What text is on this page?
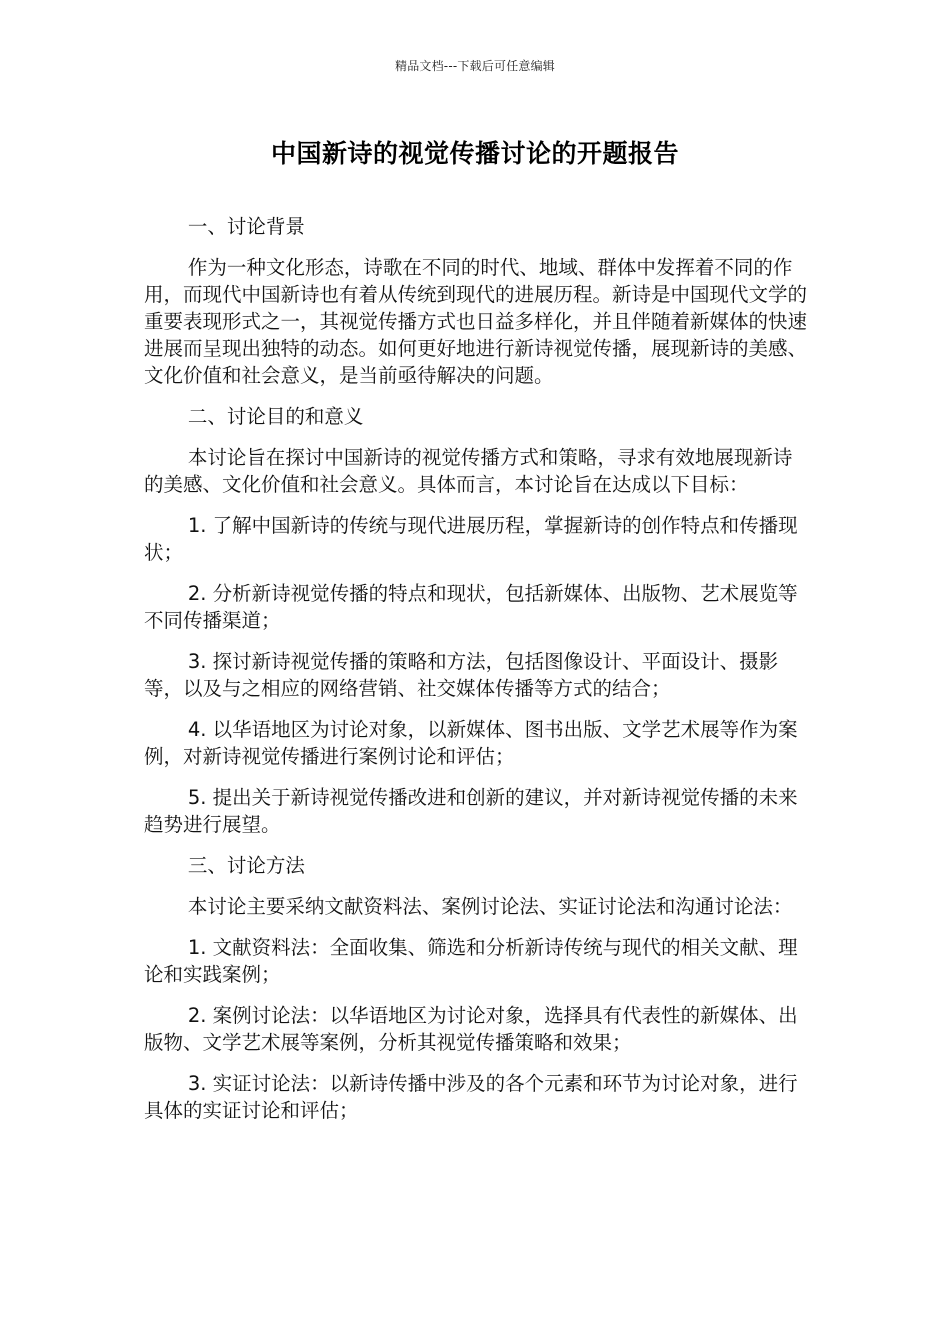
精品文档---下载后可任意编辑
中国新诗的视觉传播讨论的开题报告

一、讨论背景

作为一种文化形态，诗歌在不同的时代、地域、群体中发挥着不同的作用，而现代中国新诗也有着从传统到现代的进展历程。新诗是中国现代文学的重要表现形式之一，其视觉传播方式也日益多样化，并且伴随着新媒体的快速进展而呈现出独特的动态。如何更好地进行新诗视觉传播，展现新诗的美感、文化价值和社会意义，是当前亟待解决的问题。

二、讨论目的和意义

本讨论旨在探讨中国新诗的视觉传播方式和策略，寻求有效地展现新诗的美感、文化价值和社会意义。具体而言，本讨论旨在达成以下目标：

1. 了解中国新诗的传统与现代进展历程，掌握新诗的创作特点和传播现状；

2. 分析新诗视觉传播的特点和现状，包括新媒体、出版物、艺术展览等不同传播渠道；

3. 探讨新诗视觉传播的策略和方法，包括图像设计、平面设计、摄影等，以及与之相应的网络营销、社交媒体传播等方式的结合；

4. 以华语地区为讨论对象，以新媒体、图书出版、文学艺术展等作为案例，对新诗视觉传播进行案例讨论和评估；

5. 提出关于新诗视觉传播改进和创新的建议，并对新诗视觉传播的未来趋势进行展望。

三、讨论方法

本讨论主要采纳文献资料法、案例讨论法、实证讨论法和沟通讨论法：

1. 文献资料法：全面收集、筛选和分析新诗传统与现代的相关文献、理论和实践案例；

2. 案例讨论法：以华语地区为讨论对象，选择具有代表性的新媒体、出版物、文学艺术展等案例，分析其视觉传播策略和效果；

3. 实证讨论法：以新诗传播中涉及的各个元素和环节为讨论对象，进行具体的实证讨论和评估；
